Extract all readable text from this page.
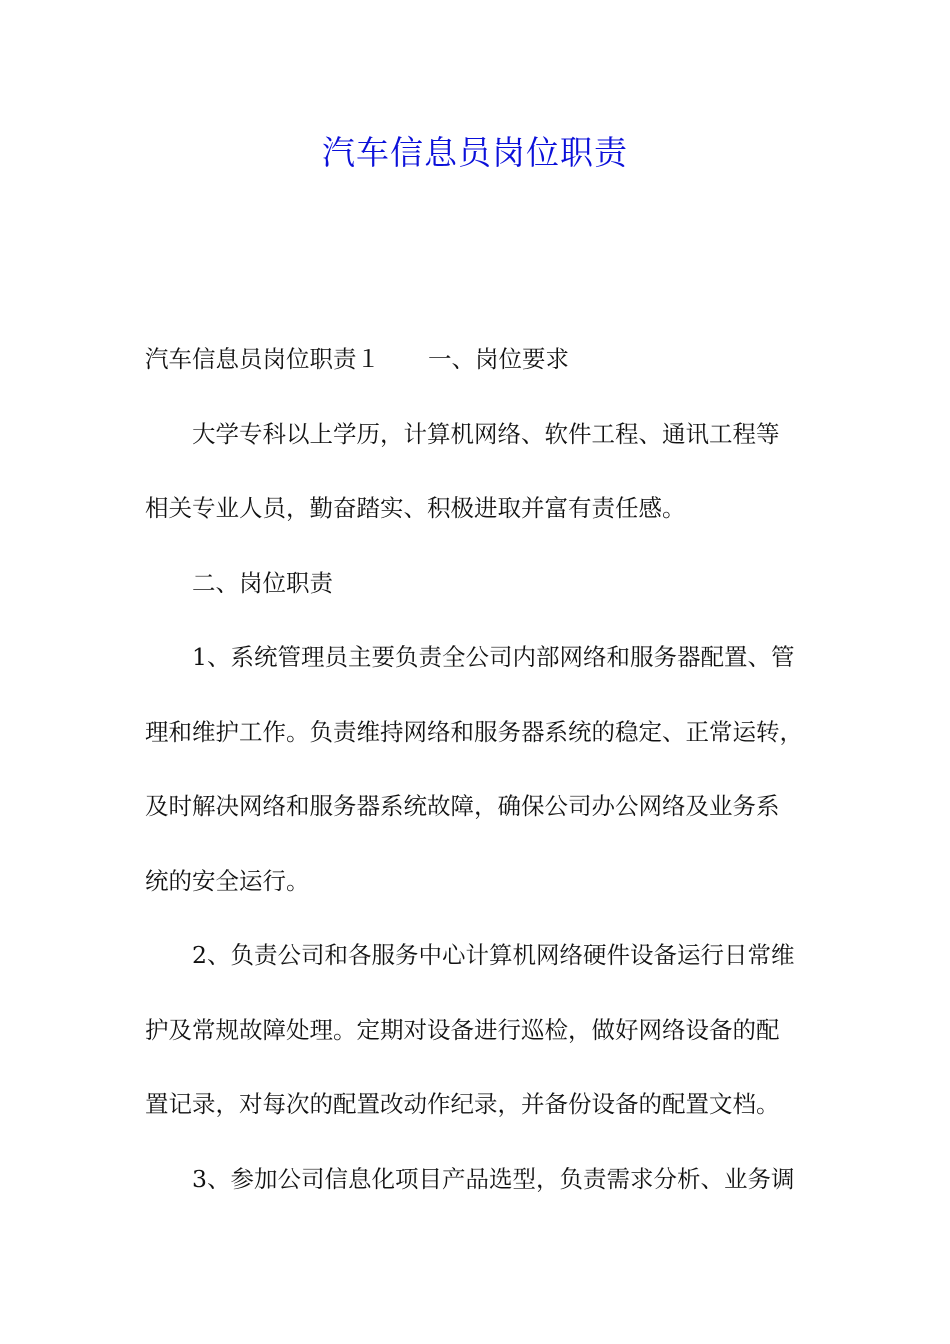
汽车信息员岗位职责
汽车信息员岗位职责１ 一、岗位要求
大学专科以上学历，计算机网络、软件工程、通讯工程等
相关专业人员，勤奋踏实、积极进取并富有责任感。
二、岗位职责
1、系统管理员主要负责全公司内部网络和服务器配置、管
理和维护工作。负责维持网络和服务器系统的稳定、正常运转，
及时解决网络和服务器系统故障，确保公司办公网络及业务系
统的安全运行。
2、负责公司和各服务中心计算机网络硬件设备运行日常维
护及常规故障处理。定期对设备进行巡检，做好网络设备的配
置记录，对每次的配置改动作纪录，并备份设备的配置文档。
3、参加公司信息化项目产品选型，负责需求分析、业务调
